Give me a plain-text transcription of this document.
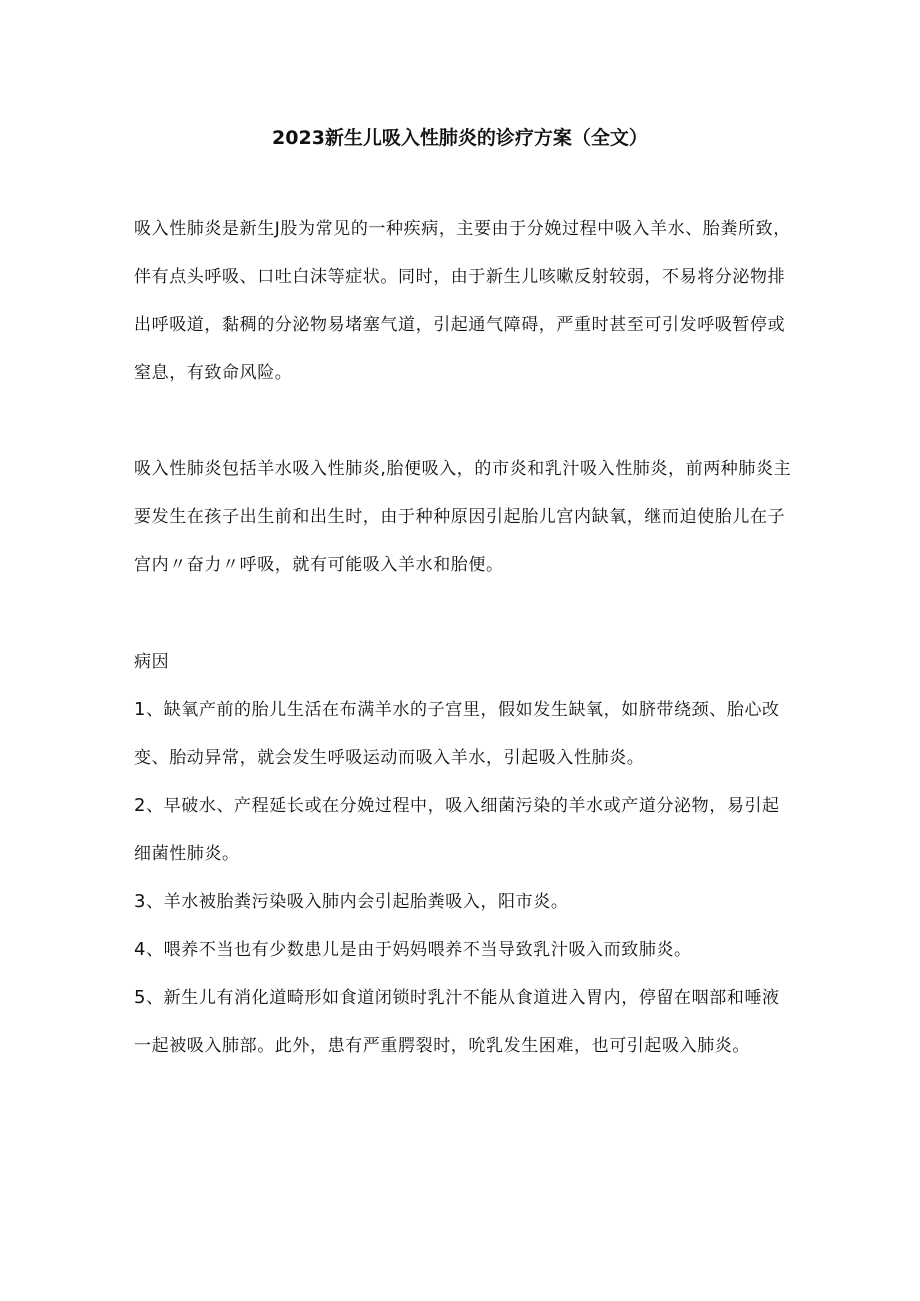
2023新生儿吸入性肺炎的诊疗方案（全文）

吸入性肺炎是新生J股为常见的一种疾病，主要由于分娩过程中吸入羊水、胎粪所致，伴有点头呼吸、口吐白沫等症状。同时，由于新生儿咳嗽反射较弱，不易将分泌物排出呼吸道，黏稠的分泌物易堵塞气道，引起通气障碍，严重时甚至可引发呼吸暂停或窒息，有致命风险。

吸入性肺炎包括羊水吸入性肺炎,胎便吸入，的市炎和乳汁吸入性肺炎，前两种肺炎主要发生在孩子出生前和出生时，由于种种原因引起胎儿宫内缺氧，继而迫使胎儿在子宫内〃奋力〃呼吸，就有可能吸入羊水和胎便。

病因

1、缺氧产前的胎儿生活在布满羊水的子宫里，假如发生缺氧，如脐带绕颈、胎心改变、胎动异常，就会发生呼吸运动而吸入羊水，引起吸入性肺炎。
2、早破水、产程延长或在分娩过程中，吸入细菌污染的羊水或产道分泌物，易引起细菌性肺炎。
3、羊水被胎粪污染吸入肺内会引起胎粪吸入，阳市炎。
4、喂养不当也有少数患儿是由于妈妈喂养不当导致乳汁吸入而致肺炎。
5、新生儿有消化道畸形如食道闭锁时乳汁不能从食道进入胃内，停留在咽部和唾液一起被吸入肺部。此外，患有严重腭裂时，吮乳发生困难，也可引起吸入肺炎。
